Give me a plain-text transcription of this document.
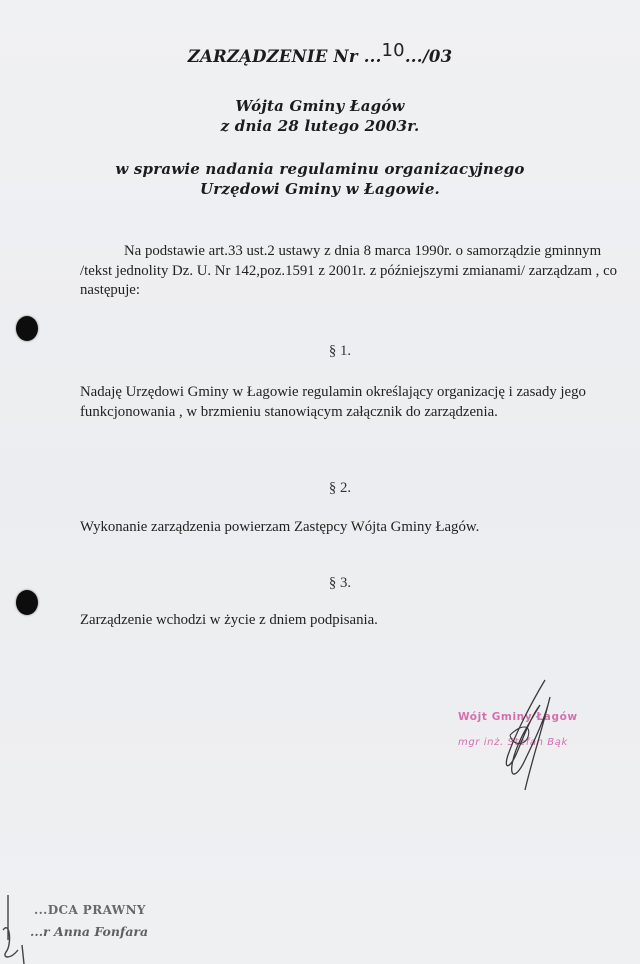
ZARZĄDZENIE Nr ...10.../03
Wójta Gminy Łagów
z dnia 28 lutego 2003r.
w sprawie nadania regulaminu organizacyjnego
Urzędowi Gminy w Łagowie.
Na podstawie art.33 ust.2 ustawy z dnia 8 marca 1990r. o samorządzie gminnym /tekst jednolity Dz. U. Nr 142,poz.1591 z 2001r. z późniejszymi zmianami/ zarządzam , co następuje:
§ 1.
Nadaję Urzędowi Gminy w Łagowie regulamin określający organizację i zasady jego funkcjonowania , w brzmieniu stanowiącym załącznik do zarządzenia.
§ 2.
Wykonanie zarządzenia powierzam Zastępcy Wójta Gminy Łagów.
§ 3.
Zarządzenie wchodzi w życie z dniem podpisania.
Wójt Gminy Łagów
mgr inż. Stefan Bąk
...DCA PRAWNY
...r Anna Fonfara
